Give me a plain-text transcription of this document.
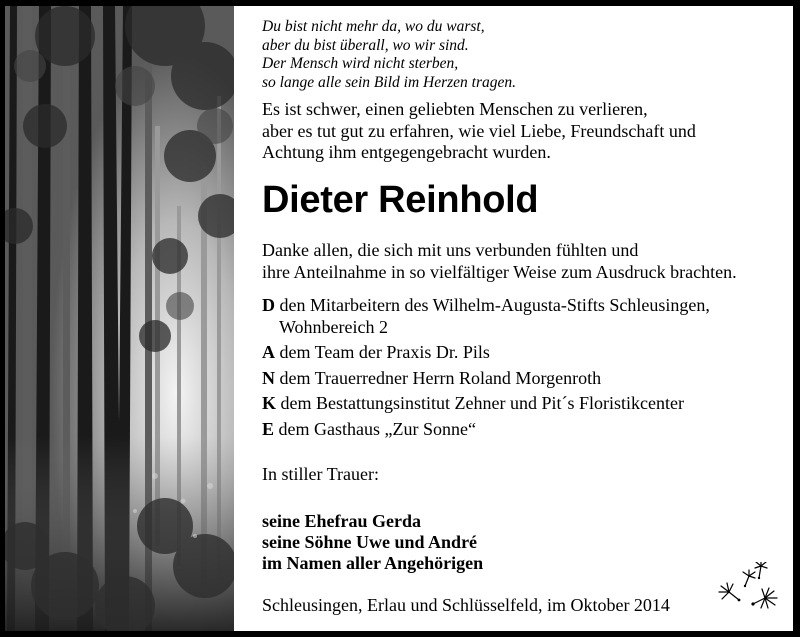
Du bist nicht mehr da, wo du warst,
aber du bist überall, wo wir sind.
Der Mensch wird nicht sterben,
so lange alle sein Bild im Herzen tragen.
Es ist schwer, einen geliebten Menschen zu verlieren,
aber es tut gut zu erfahren, wie viel Liebe, Freundschaft und
Achtung ihm entgegengebracht wurden.
Dieter Reinhold
Danke allen, die sich mit uns verbunden fühlten und
ihre Anteilnahme in so vielfältiger Weise zum Ausdruck brachten.
D den Mitarbeitern des Wilhelm-Augusta-Stifts Schleusingen,
Wohnbereich 2
A dem Team der Praxis Dr. Pils
N dem Trauerredner Herrn Roland Morgenroth
K dem Bestattungsinstitut Zehner und Pit´s Floristikcenter
E dem Gasthaus „Zur Sonne“
In stiller Trauer:
seine Ehefrau Gerda
seine Söhne Uwe und André
im Namen aller Angehörigen
Schleusingen, Erlau und Schlüsselfeld, im Oktober 2014
